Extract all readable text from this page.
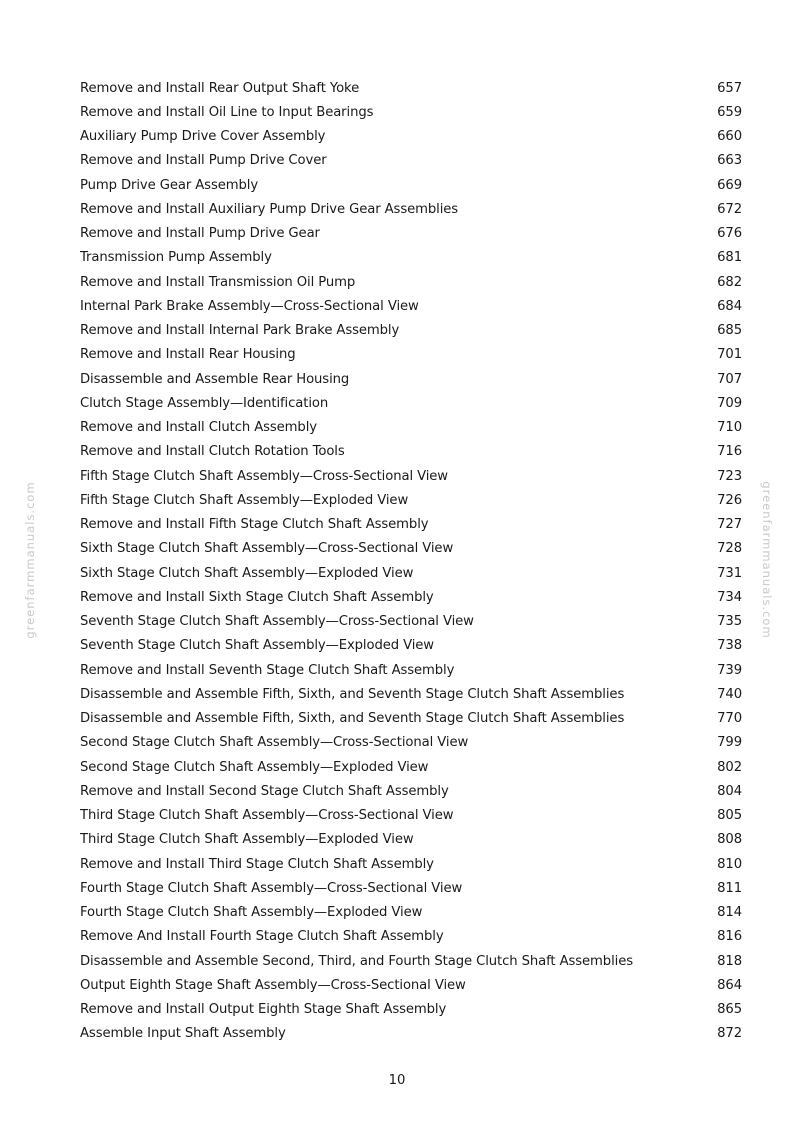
greenfarmmanuals.com	greenfarmmanuals.com
Remove and Install Rear Output Shaft Yoke	657
Remove and Install Oil Line to Input Bearings	659
Auxiliary Pump Drive Cover Assembly	660
Remove and Install Pump Drive Cover	663
Pump Drive Gear Assembly	669
Remove and Install Auxiliary Pump Drive Gear Assemblies	672
Remove and Install Pump Drive Gear	676
Transmission Pump Assembly	681
Remove and Install Transmission Oil Pump	682
Internal Park Brake Assembly—Cross-Sectional View	684
Remove and Install Internal Park Brake Assembly	685
Remove and Install Rear Housing	701
Disassemble and Assemble Rear Housing	707
Clutch Stage Assembly—Identification	709
Remove and Install Clutch Assembly	710
Remove and Install Clutch Rotation Tools	716
Fifth Stage Clutch Shaft Assembly—Cross-Sectional View	723
Fifth Stage Clutch Shaft Assembly—Exploded View	726
Remove and Install Fifth Stage Clutch Shaft Assembly	727
Sixth Stage Clutch Shaft Assembly—Cross-Sectional View	728
Sixth Stage Clutch Shaft Assembly—Exploded View	731
Remove and Install Sixth Stage Clutch Shaft Assembly	734
Seventh Stage Clutch Shaft Assembly—Cross-Sectional View	735
Seventh Stage Clutch Shaft Assembly—Exploded View	738
Remove and Install Seventh Stage Clutch Shaft Assembly	739
Disassemble and Assemble Fifth, Sixth, and Seventh Stage Clutch Shaft Assemblies	740
Disassemble and Assemble Fifth, Sixth, and Seventh Stage Clutch Shaft Assemblies	770
Second Stage Clutch Shaft Assembly—Cross-Sectional View	799
Second Stage Clutch Shaft Assembly—Exploded View	802
Remove and Install Second Stage Clutch Shaft Assembly	804
Third Stage Clutch Shaft Assembly—Cross-Sectional View	805
Third Stage Clutch Shaft Assembly—Exploded View	808
Remove and Install Third Stage Clutch Shaft Assembly	810
Fourth Stage Clutch Shaft Assembly—Cross-Sectional View	811
Fourth Stage Clutch Shaft Assembly—Exploded View	814
Remove And Install Fourth Stage Clutch Shaft Assembly	816
Disassemble and Assemble Second, Third, and Fourth Stage Clutch Shaft Assemblies	818
Output Eighth Stage Shaft Assembly—Cross-Sectional View	864
Remove and Install Output Eighth Stage Shaft Assembly	865
Assemble Input Shaft Assembly	872
10
